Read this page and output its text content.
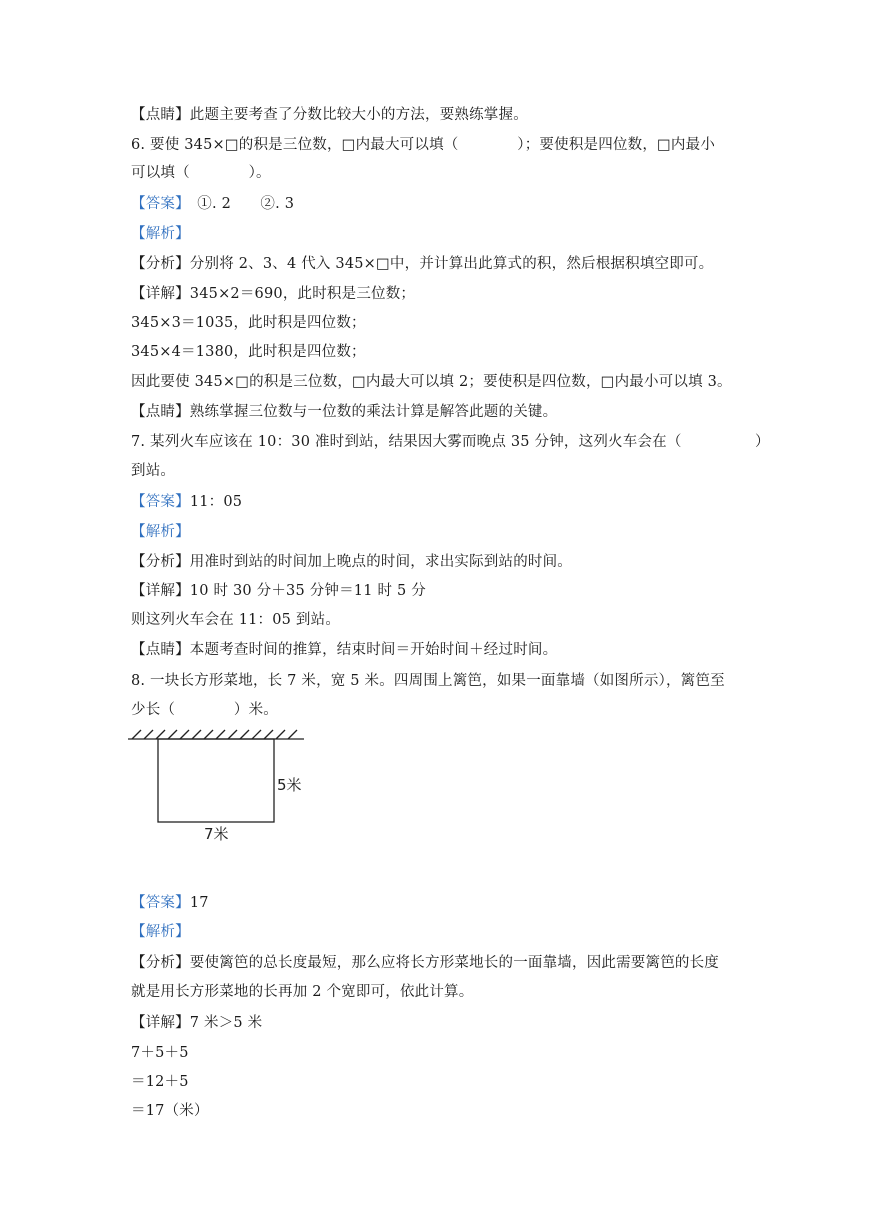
【点睛】此题主要考查了分数比较大小的方法，要熟练掌握。
6. 要使 345×□的积是三位数，□内最大可以填（　　　　）；要使积是四位数，□内最小
可以填（　　　　）。
【答案】　①. 2　　②. 3
【解析】
【分析】分别将 2、3、4 代入 345×□中，并计算出此算式的积，然后根据积填空即可。
【详解】345×2＝690，此时积是三位数；
345×3＝1035，此时积是四位数；
345×4＝1380，此时积是四位数；
因此要使 345×□的积是三位数，□内最大可以填 2；要使积是四位数，□内最小可以填 3。
【点睛】熟练掌握三位数与一位数的乘法计算是解答此题的关键。
7. 某列火车应该在 10：30 准时到站，结果因大雾而晚点 35 分钟，这列火车会在（　　　　　）
到站。
【答案】11：05
【解析】
【分析】用准时到站的时间加上晚点的时间，求出实际到站的时间。
【详解】10 时 30 分＋35 分钟＝11 时 5 分
则这列火车会在 11：05 到站。
【点睛】本题考查时间的推算，结束时间＝开始时间＋经过时间。
8. 一块长方形菜地，长 7 米，宽 5 米。四周围上篱笆，如果一面靠墙（如图所示），篱笆至
少长（　　　　）米。
5米
7米
【答案】17
【解析】
【分析】要使篱笆的总长度最短，那么应将长方形菜地长的一面靠墙，因此需要篱笆的长度
就是用长方形菜地的长再加 2 个宽即可，依此计算。
【详解】7 米＞5 米
7＋5＋5
＝12＋5
＝17（米）
